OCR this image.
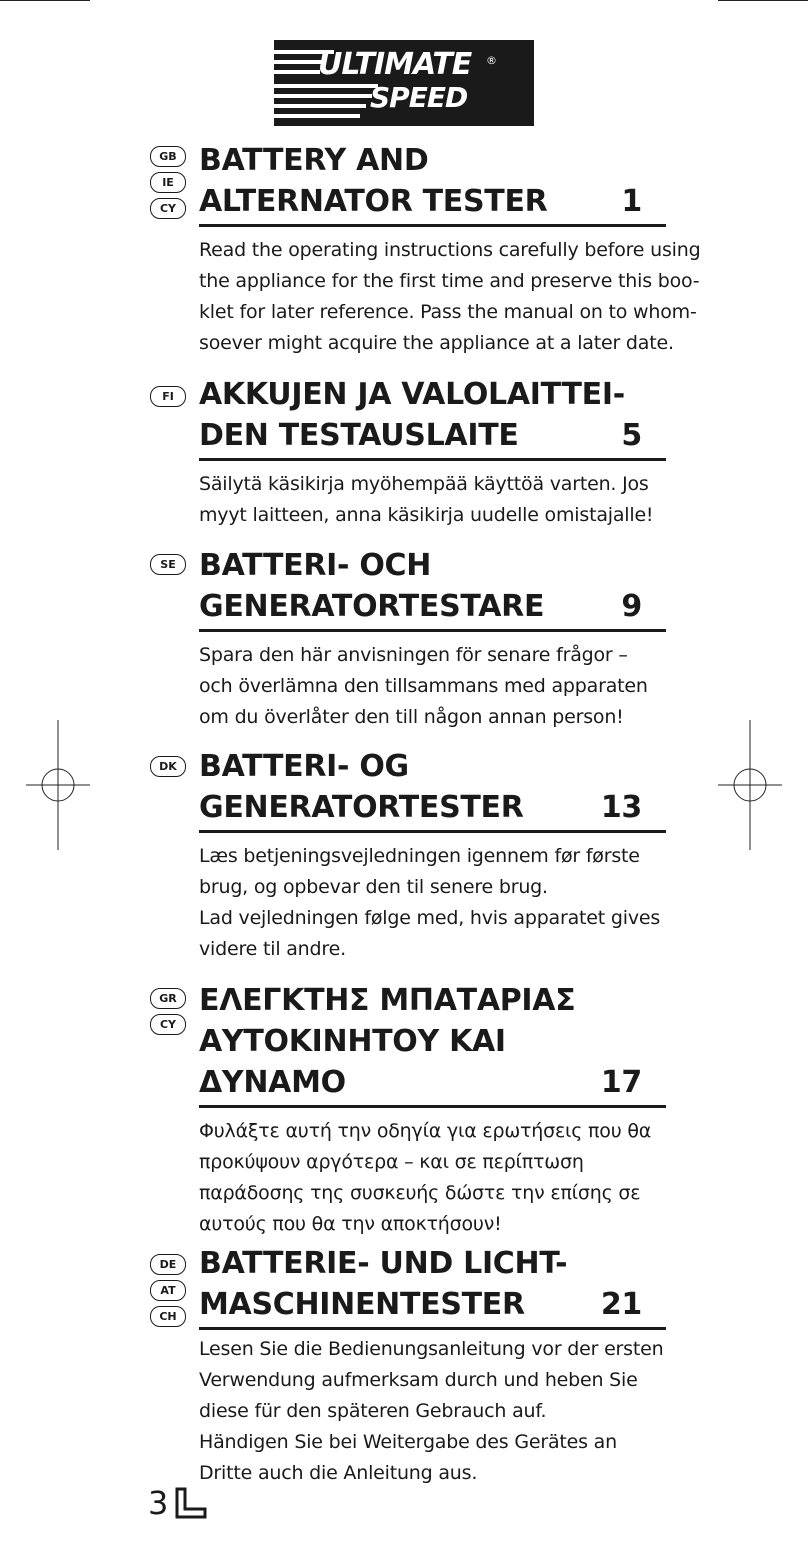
ULTIMATE
SPEED
®
GB
IE
CY
BATTERY AND
ALTERNATOR TESTER 1
Read the operating instructions carefully before using
the appliance for the first time and preserve this boo-
klet for later reference. Pass the manual on to whom-
soever might acquire the appliance at a later date.
FI AKKUJEN JA VALOLAITTEI-
DEN TESTAUSLAITE	5
Säilytä käsikirja myöhempää käyttöä varten. Jos
myyt laitteen, anna käsikirja uudelle omistajalle!
SE BATTERI- OCH
GENERATORTESTARE	9
Spara den här anvisningen för senare frågor –
och överlämna den tillsammans med apparaten
om du överlåter den till någon annan person!
DK BATTERI- OG
GENERATORTESTER	13
Læs betjeningsvejledningen igennem før første
brug, og opbevar den til senere brug.
Lad vejledningen følge med, hvis apparatet gives
videre til andre.
GR
CY
ΕΛΕΓΚΤΗΣ ΜΠΑΤΑΡΙΑΣ
ΑΥΤΟΚΙΝΗΤΟΥ ΚΑΙ
ΔΥΝΑΜΟ	17
Φυλάξτε αυτή την οδηγία για ερωτήσεις που θα
προκύψουν αργότερα – και σε περίπτωση
παράδοσης της συσκευής δώστε την επίσης σε
αυτούς που θα την αποκτήσουν!
DE
AT
CH
BATTERIE- UND LICHT-
MASCHINENTESTER	21
Lesen Sie die Bedienungsanleitung vor der ersten
Verwendung aufmerksam durch und heben Sie
diese für den späteren Gebrauch auf.
Händigen Sie bei Weitergabe des Gerätes an
Dritte auch die Anleitung aus.
3
